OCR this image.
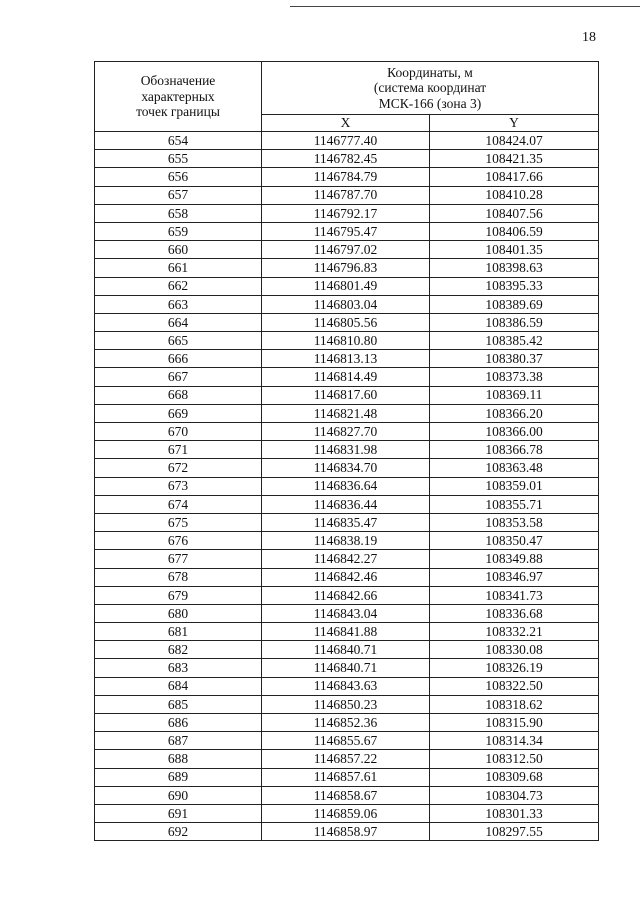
18
Обозначение
характерных
точек границы	Координаты, м
(система координат
МСК-166 (зона 3)	

	X	Y
654	1146777.40	108424.07
655	1146782.45	108421.35
656	1146784.79	108417.66
657	1146787.70	108410.28
658	1146792.17	108407.56
659	1146795.47	108406.59
660	1146797.02	108401.35
661	1146796.83	108398.63
662	1146801.49	108395.33
663	1146803.04	108389.69
664	1146805.56	108386.59
665	1146810.80	108385.42
666	1146813.13	108380.37
667	1146814.49	108373.38
668	1146817.60	108369.11
669	1146821.48	108366.20
670	1146827.70	108366.00
671	1146831.98	108366.78
672	1146834.70	108363.48
673	1146836.64	108359.01
674	1146836.44	108355.71
675	1146835.47	108353.58
676	1146838.19	108350.47
677	1146842.27	108349.88
678	1146842.46	108346.97
679	1146842.66	108341.73
680	1146843.04	108336.68
681	1146841.88	108332.21
682	1146840.71	108330.08
683	1146840.71	108326.19
684	1146843.63	108322.50
685	1146850.23	108318.62
686	1146852.36	108315.90
687	1146855.67	108314.34
688	1146857.22	108312.50
689	1146857.61	108309.68
690	1146858.67	108304.73
691	1146859.06	108301.33
692	1146858.97	108297.55
